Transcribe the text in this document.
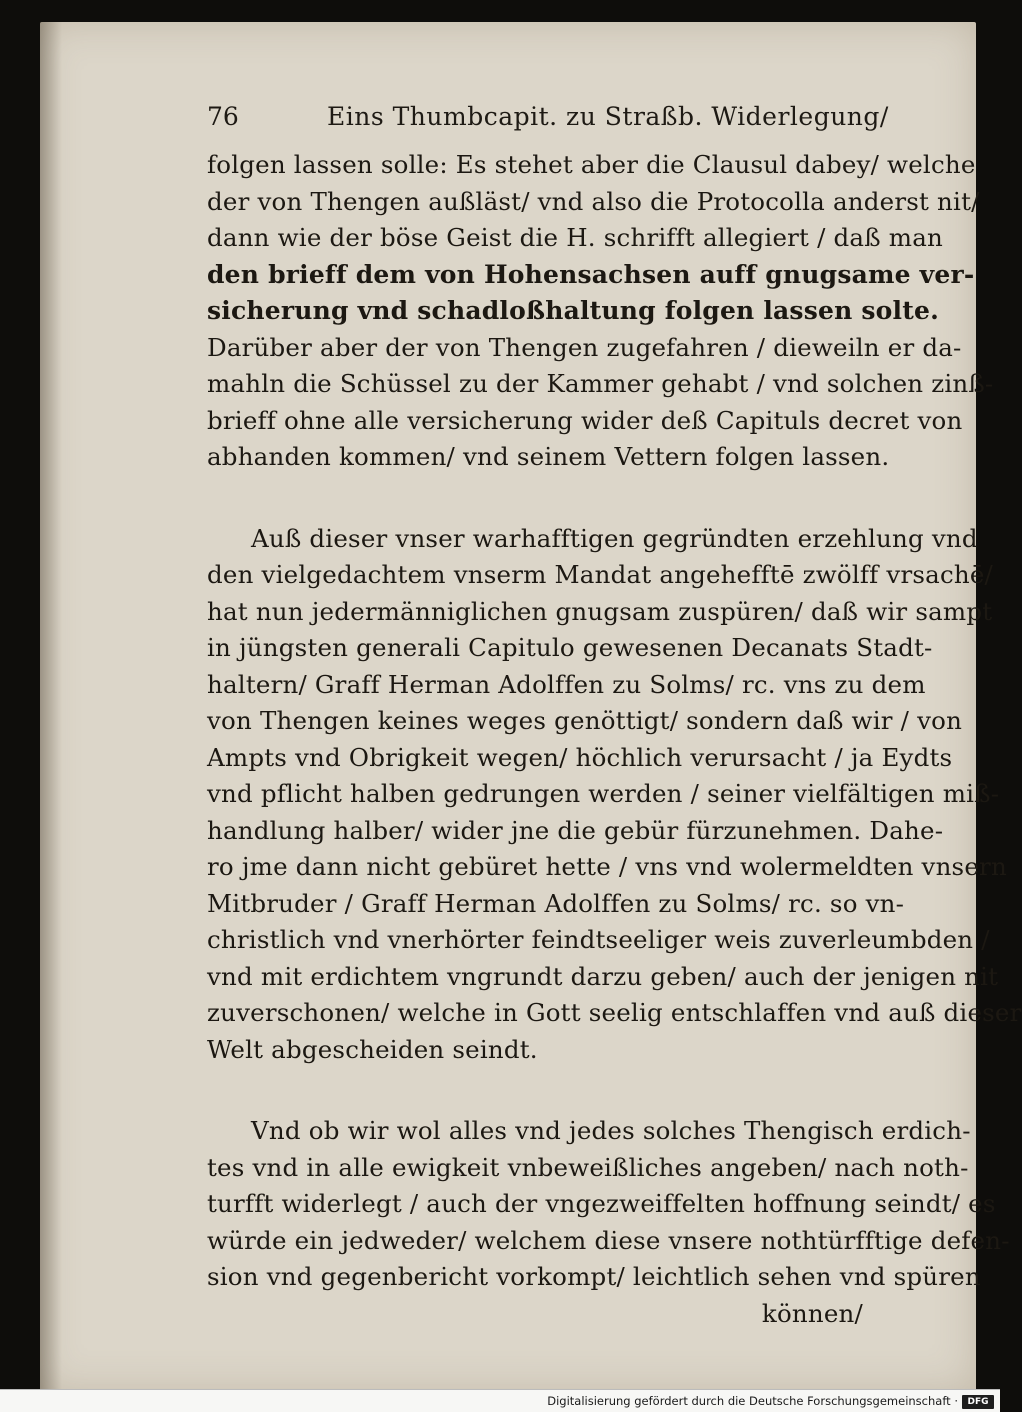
76	Eins Thumbcapit. zu Straßb. Widerlegung/
folgen lassen solle: Es stehet aber die Clausul dabey/ welche
der von Thengen außläst/ vnd also die Protocolla anderst nit/
dann wie der böse Geist die H. schrifft allegiert / daß man
den brieff dem von Hohensachsen auff gnugsame ver-
sicherung vnd schadloßhaltung folgen lassen solte.
Darüber aber der von Thengen zugefahren / dieweiln er da-
mahln die Schüssel zu der Kammer gehabt / vnd solchen zinß-
brieff ohne alle versicherung wider deß Capituls decret von
abhanden kommen/ vnd seinem Vettern folgen lassen.
Auß dieser vnser warhafftigen gegründten erzehlung vnd
den vielgedachtem vnserm Mandat angehefftē zwölff vrsachē/
hat nun jedermänniglichen gnugsam zuspüren/ daß wir sampt
in jüngsten generali Capitulo gewesenen Decanats Stadt-
haltern/ Graff Herman Adolffen zu Solms/ rc. vns zu dem
von Thengen keines weges genöttigt/ sondern daß wir / von
Ampts vnd Obrigkeit wegen/ höchlich verursacht / ja Eydts
vnd pflicht halben gedrungen werden / seiner vielfältigen miß-
handlung halber/ wider jne die gebür fürzunehmen. Dahe-
ro jme dann nicht gebüret hette / vns vnd wolermeldten vnsern
Mitbruder / Graff Herman Adolffen zu Solms/ rc. so vn-
christlich vnd vnerhörter feindtseeliger weis zuverleumbden /
vnd mit erdichtem vngrundt darzu geben/ auch der jenigen nit
zuverschonen/ welche in Gott seelig entschlaffen vnd auß dieser
Welt abgescheiden seindt.
Vnd ob wir wol alles vnd jedes solches Thengisch erdich-
tes vnd in alle ewigkeit vnbeweißliches angeben/ nach noth-
turfft widerlegt / auch der vngezweiffelten hoffnung seindt/ es
würde ein jedweder/ welchem diese vnsere nothtürfftige defen-
sion vnd gegenbericht vorkompt/ leichtlich sehen vnd spüren
können/
Digitalisierung gefördert durch die Deutsche Forschungsgemeinschaft ·	DFG
